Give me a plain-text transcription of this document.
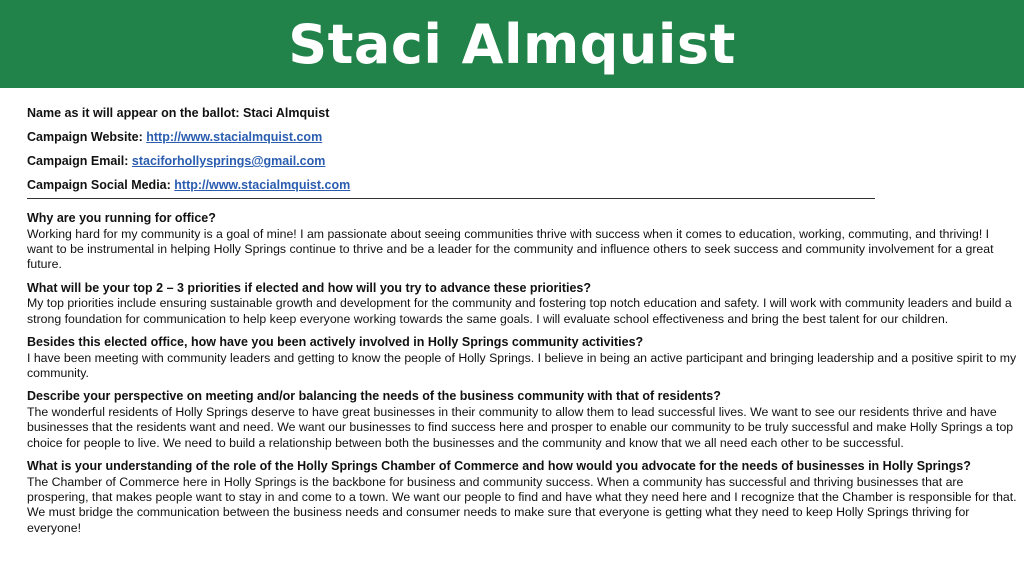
Staci Almquist
Name as it will appear on the ballot: Staci Almquist
Campaign Website: http://www.stacialmquist.com
Campaign Email: staciforhollysprings@gmail.com
Campaign Social Media: http://www.stacialmquist.com
Why are you running for office?
Working hard for my community is a goal of mine! I am passionate about seeing communities thrive with success when it comes to education, working, commuting, and thriving! I want to be instrumental in helping Holly Springs continue to thrive and be a leader for the community and influence others to seek success and community involvement for a great future.
What will be your top 2 – 3 priorities if elected and how will you try to advance these priorities?
My top priorities include ensuring sustainable growth and development for the community and fostering top notch education and safety. I will work with community leaders and build a strong foundation for communication to help keep everyone working towards the same goals. I will evaluate school effectiveness and bring the best talent for our children.
Besides this elected office, how have you been actively involved in Holly Springs community activities?
I have been meeting with community leaders and getting to know the people of Holly Springs. I believe in being an active participant and bringing leadership and a positive spirit to my community.
Describe your perspective on meeting and/or balancing the needs of the business community with that of residents?
The wonderful residents of Holly Springs deserve to have great businesses in their community to allow them to lead successful lives. We want to see our residents thrive and have businesses that the residents want and need. We want our businesses to find success here and prosper to enable our community to be truly successful and make Holly Springs a top choice for people to live. We need to build a relationship between both the businesses and the community and know that we all need each other to be successful.
What is your understanding of the role of the Holly Springs Chamber of Commerce and how would you advocate for the needs of businesses in Holly Springs?
The Chamber of Commerce here in Holly Springs is the backbone for business and community success. When a community has successful and thriving businesses that are prospering, that makes people want to stay in and come to a town. We want our people to find and have what they need here and I recognize that the Chamber is responsible for that. We must bridge the communication between the business needs and consumer needs to make sure that everyone is getting what they need to keep Holly Springs thriving for everyone!
